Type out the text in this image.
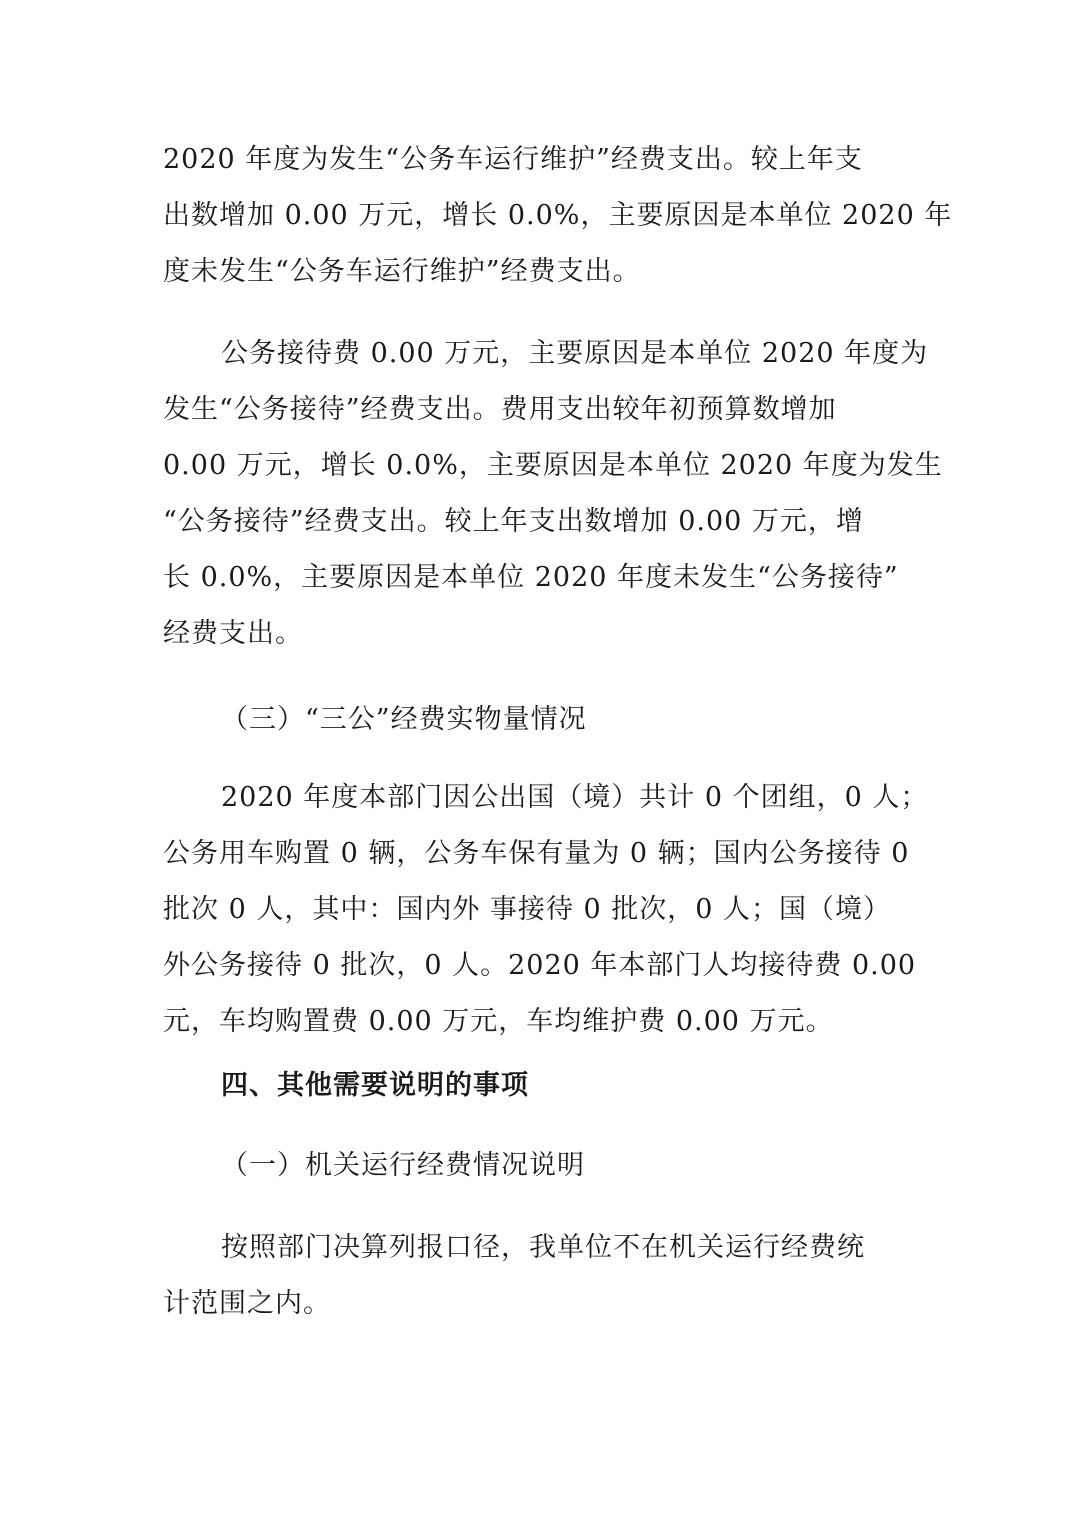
2020 年度为发生“公务车运行维护”经费支出。较上年支
出数增加 0.00 万元，增长 0.0%，主要原因是本单位 2020 年
度未发生“公务车运行维护”经费支出。
公务接待费 0.00 万元，主要原因是本单位 2020 年度为
发生“公务接待”经费支出。费用支出较年初预算数增加
0.00 万元，增长 0.0%，主要原因是本单位 2020 年度为发生
“公务接待”经费支出。较上年支出数增加 0.00 万元，增
长 0.0%，主要原因是本单位 2020 年度未发生“公务接待”
经费支出。
（三）“三公”经费实物量情况
2020 年度本部门因公出国（境）共计 0 个团组，0 人；
公务用车购置 0 辆，公务车保有量为 0 辆；国内公务接待 0
批次 0 人，其中：国内外 事接待 0 批次，0 人；国（境）
外公务接待 0 批次，0 人。2020 年本部门人均接待费 0.00
元，车均购置费 0.00 万元，车均维护费 0.00 万元。
四、其他需要说明的事项
（一）机关运行经费情况说明
按照部门决算列报口径，我单位不在机关运行经费统
计范围之内。
